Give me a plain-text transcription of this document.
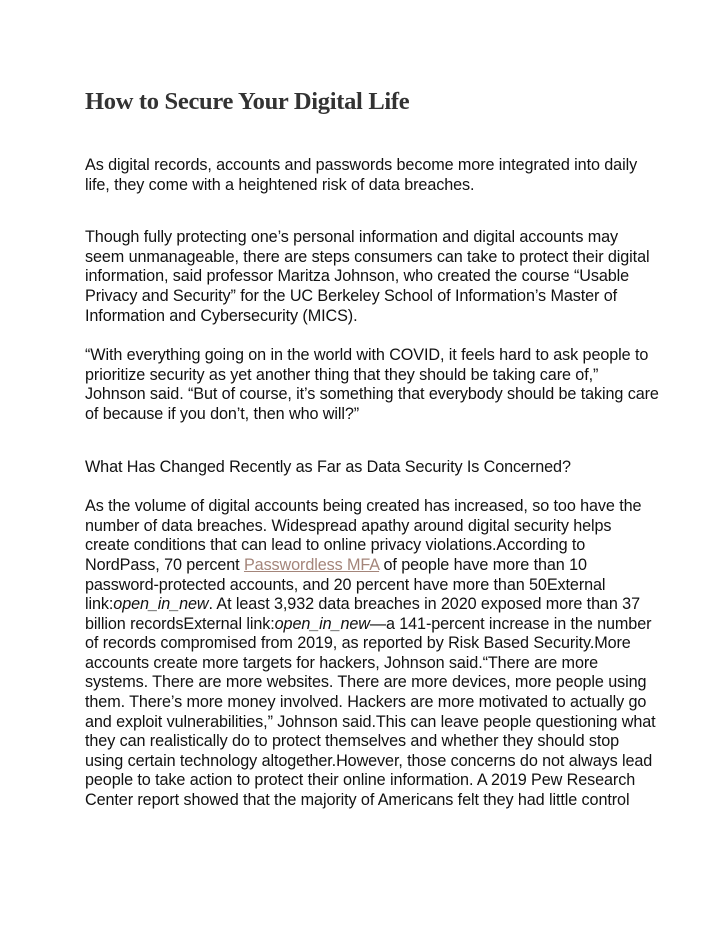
How to Secure Your Digital Life

As digital records, accounts and passwords become more integrated into daily life, they come with a heightened risk of data breaches.

Though fully protecting one’s personal information and digital accounts may seem unmanageable, there are steps consumers can take to protect their digital information, said professor Maritza Johnson, who created the course “Usable Privacy and Security” for the UC Berkeley School of Information’s Master of Information and Cybersecurity (MICS).

“With everything going on in the world with COVID, it feels hard to ask people to prioritize security as yet another thing that they should be taking care of,” Johnson said. “But of course, it’s something that everybody should be taking care of because if you don’t, then who will?”

What Has Changed Recently as Far as Data Security Is Concerned?

As the volume of digital accounts being created has increased, so too have the number of data breaches. Widespread apathy around digital security helps create conditions that can lead to online privacy violations.According to NordPass, 70 percent Passwordless MFA of people have more than 10 password-protected accounts, and 20 percent have more than 50External link:open_in_new. At least 3,932 data breaches in 2020 exposed more than 37 billion recordsExternal link:open_in_new—a 141-percent increase in the number of records compromised from 2019, as reported by Risk Based Security.More accounts create more targets for hackers, Johnson said.“There are more systems. There are more websites. There are more devices, more people using them. There’s more money involved. Hackers are more motivated to actually go and exploit vulnerabilities,” Johnson said.This can leave people questioning what they can realistically do to protect themselves and whether they should stop using certain technology altogether.However, those concerns do not always lead people to take action to protect their online information. A 2019 Pew Research Center report showed that the majority of Americans felt they had little control
